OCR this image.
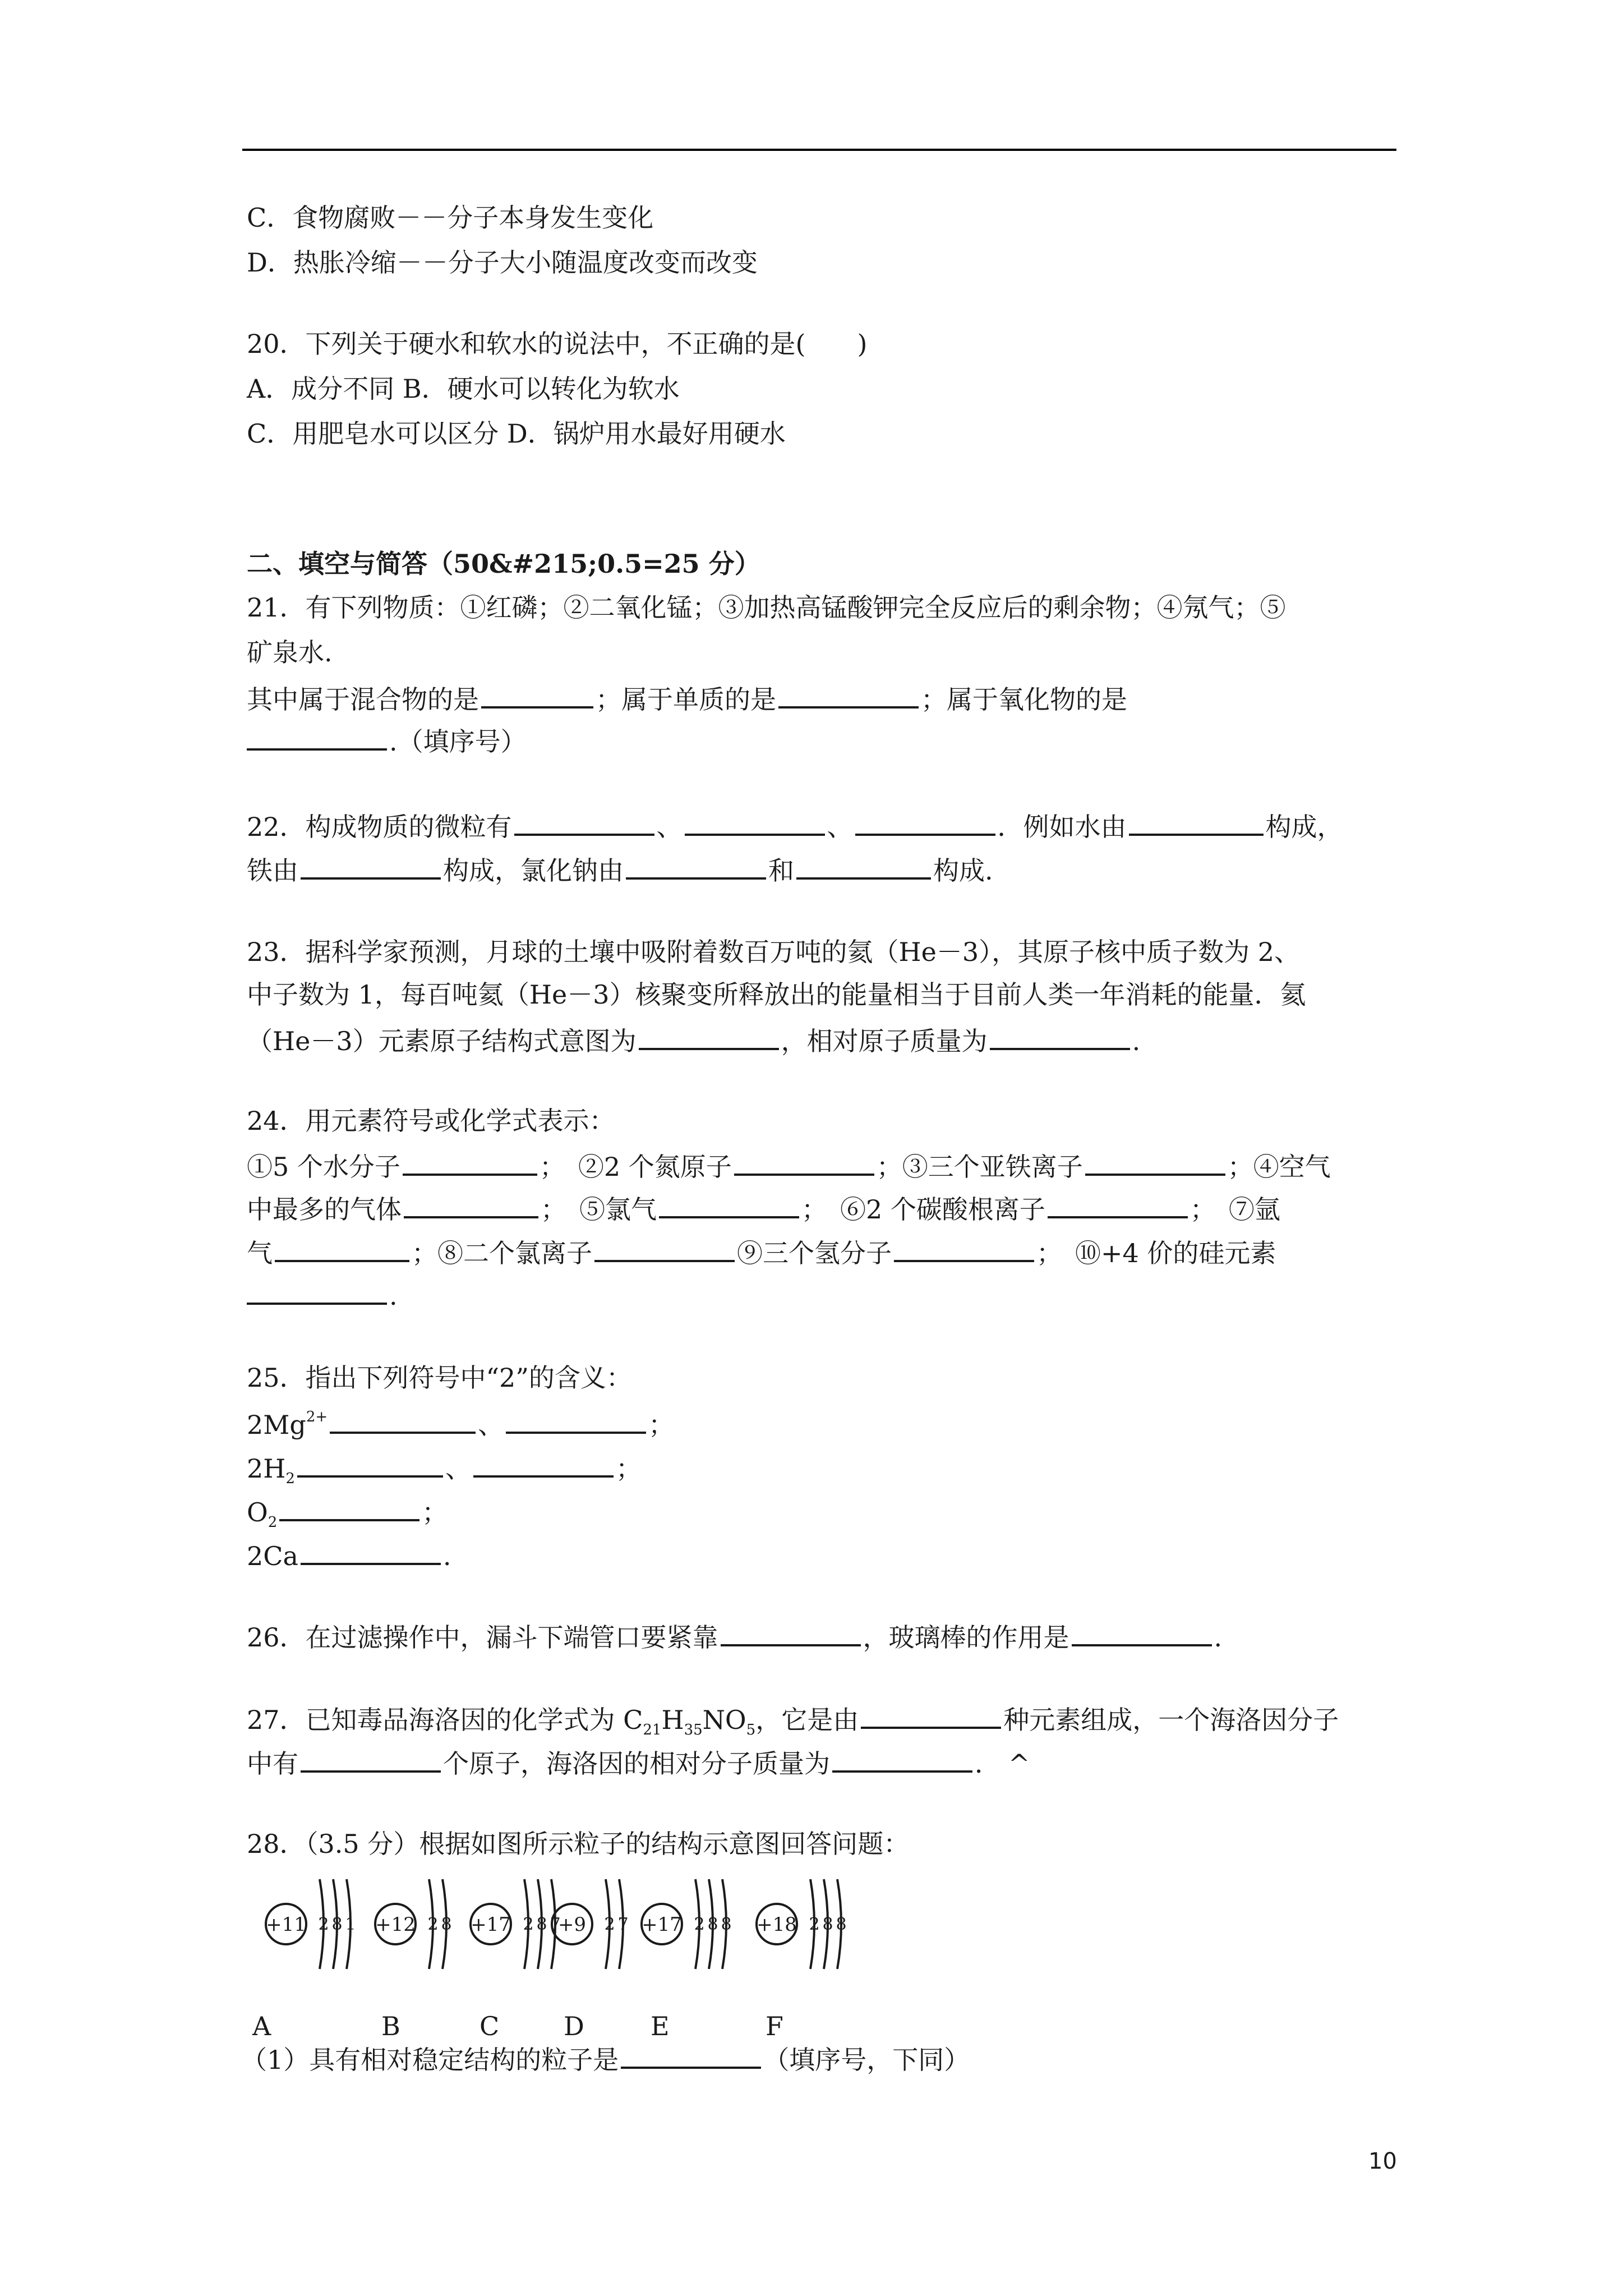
C．食物腐败－－分子本身发生变化
D．热胀冷缩－－分子大小随温度改变而改变
20．下列关于硬水和软水的说法中，不正确的是(　　)
A．成分不同 B．硬水可以转化为软水
C．用肥皂水可以区分 D．锅炉用水最好用硬水
二、填空与简答（50&#215;0.5=25 分）
21．有下列物质：①红磷；②二氧化锰；③加热高锰酸钾完全反应后的剩余物；④氖气；⑤
矿泉水.
其中属于混合物的是	；属于单质的是	；属于氧化物的是
.（填序号）
22．构成物质的微粒有	、	、	．例如水由	构成，
铁由	构成，氯化钠由	和	构成.
23．据科学家预测，月球的土壤中吸附着数百万吨的氦（He－3），其原子核中质子数为 2、
中子数为 1，每百吨氦（He－3）核聚变所释放出的能量相当于目前人类一年消耗的能量．氦
（He－3）元素原子结构式意图为	，相对原子质量为	.
24．用元素符号或化学式表示：
①5 个水分子	；　②2 个氮原子	；③三个亚铁离子	；④空气
中最多的气体	；　⑤氯气	；　⑥2 个碳酸根离子	；　⑦氩
气	；⑧二个氯离子	⑨三个氢分子	；　⑩+4 价的硅元素
.
25．指出下列符号中“2”的含义：
$2Mg^{2+}$	、	；
$2H_2$	、	；
$O_2$	；
2Ca	.
26．在过滤操作中，漏斗下端管口要紧靠	，玻璃棒的作用是	.
27．已知毒品海洛因的化学式为 $C_{21}H_{35}NO_5$，它是由	种元素组成，一个海洛因分子
中有	个原子，海洛因的相对分子质量为	． ^
28．（3.5 分）根据如图所示粒子的结构示意图回答问题：
+11 2 8 1 +12 2 8 +17 2 8 7
+9 2 7 +17 2 8 8 +18 2 8 8
A	B	C D	E	F
（1）具有相对稳定结构的粒子是	（填序号，下同）
10
